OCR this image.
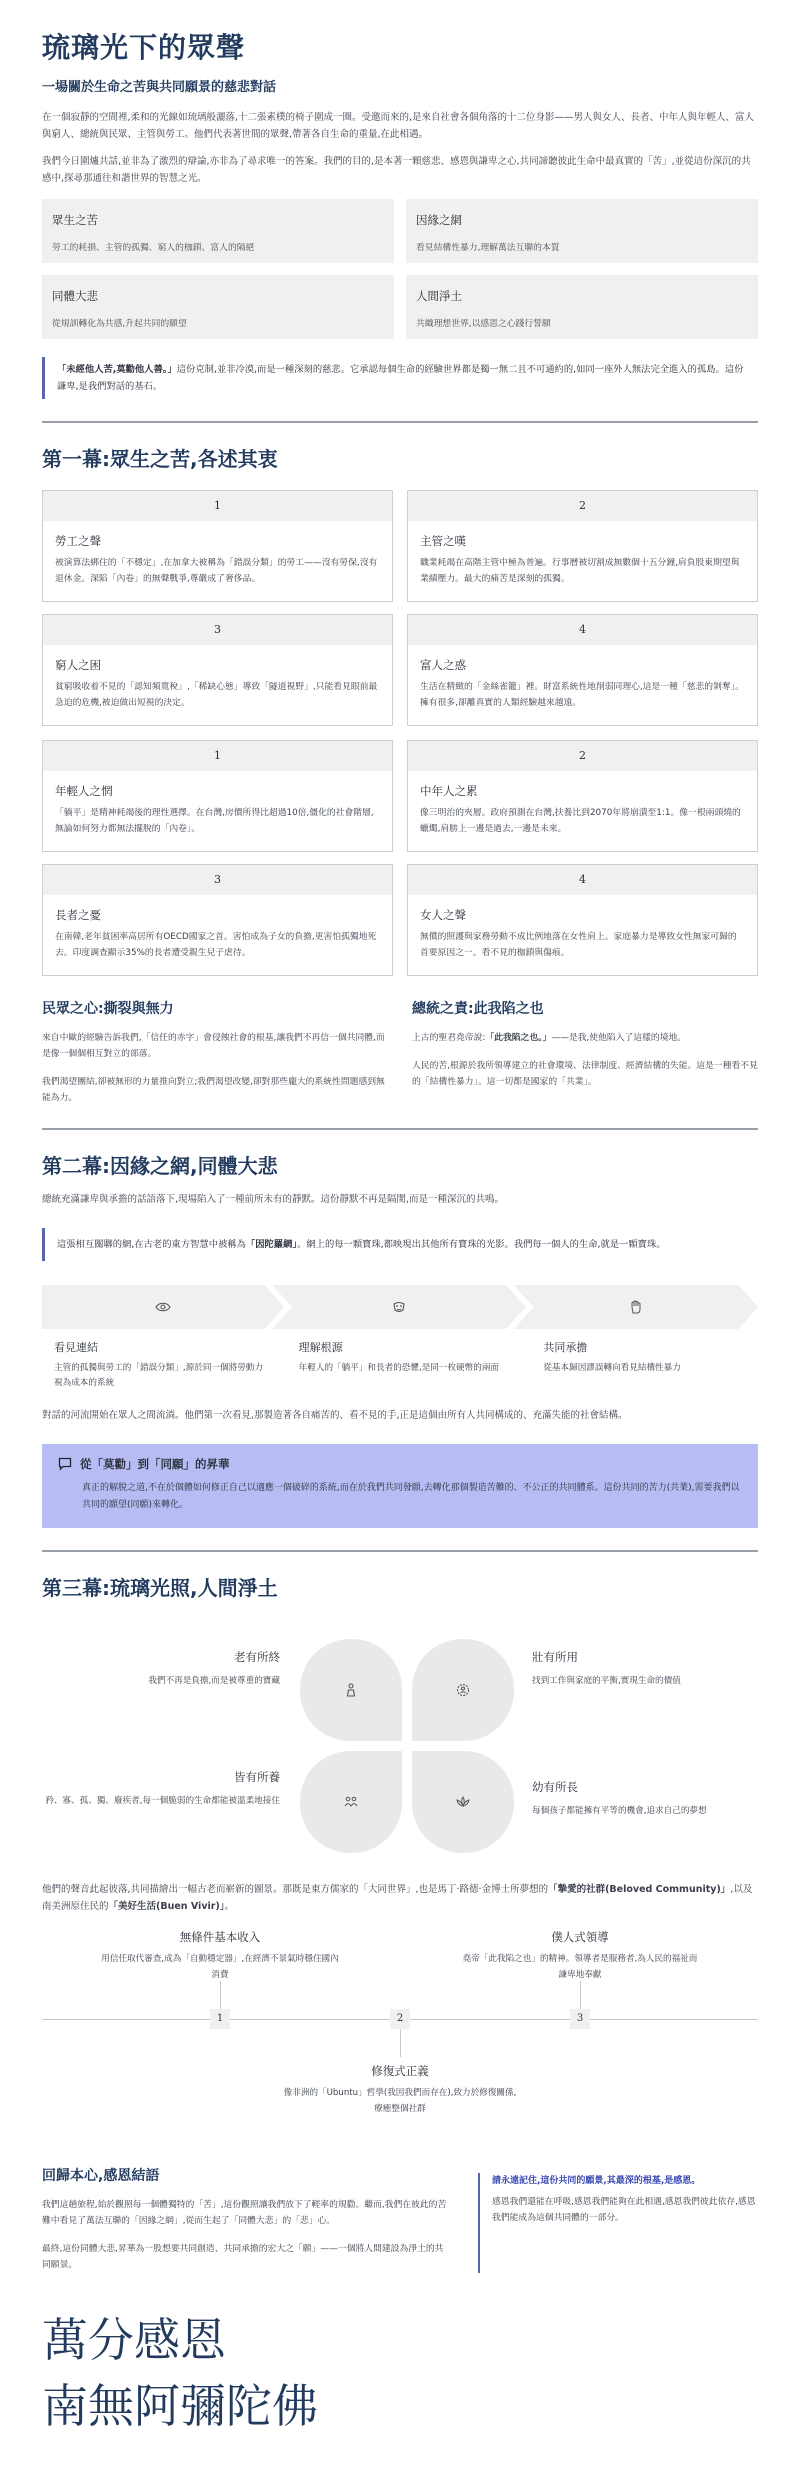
琉璃光下的眾聲
一場關於生命之苦與共同願景的慈悲對話

在一個寂靜的空間裡,柔和的光線如琉璃般灑落,十二張素樸的椅子圍成一圈。受邀而來的,是來自社會各個角落的十二位身影——男人與女人、長者、中年人與年輕人、富人與窮人、總統與民眾、主管與勞工。他們代表著世間的眾聲,帶著各自生命的重量,在此相遇。

我們今日圍爐共話,並非為了激烈的辯論,亦非為了尋求唯一的答案。我們的目的,是本著一顆慈悲、感恩與謙卑之心,共同諦聽彼此生命中最真實的「苦」,並從這份深沉的共感中,探尋那通往和諧世界的智慧之光。

眾生之苦
勞工的耗損、主管的孤獨、窮人的枷鎖、富人的隔絕
因緣之網
看見結構性暴力,理解萬法互聯的本質
同體大悲
從規訓轉化為共感,升起共同的願望
人間淨土
共織理想世界,以感恩之心踐行誓願
「未經他人苦,莫勸他人善。」這份克制,並非冷漠,而是一種深刻的慈悲。它承認每個生命的經驗世界都是獨一無二且不可通約的,如同一座外人無法完全進入的孤島。這份謙卑,是我們對話的基石。
第一幕:眾生之苦,各述其衷
1
勞工之聲
被演算法綁住的「不穩定」,在加拿大被稱為「錯誤分類」的勞工——沒有勞保,沒有退休金。深陷「內卷」的無聲戰爭,尊嚴成了奢侈品。
2
主管之嘆
職業耗竭在高階主管中極為普遍。行事曆被切割成無數個十五分鐘,肩負股東期望與業績壓力。最大的痛苦是深刻的孤獨。
3
窮人之困
貧窮吸收着不見的「認知頻寬稅」,「稀缺心態」導致「隧道視野」,只能看見眼前最急迫的危機,被迫做出短視的決定。
4
富人之惑
生活在精緻的「金絲雀籠」裡。財富系統性地削弱同理心,這是一種「慈悲的剝奪」。擁有很多,卻離真實的人類經驗越來越遠。
1
年輕人之惘
「躺平」是精神耗竭後的理性選擇。在台灣,房價所得比超過10倍,僵化的社會階層,無論如何努力都無法擺脫的「內卷」。
2
中年人之累
像三明治的夾層。政府預測在台灣,扶養比到2070年將崩潰至1:1。像一根兩頭燒的蠟燭,肩膀上一邊是過去,一邊是未來。
3
長者之憂
在南韓,老年貧困率高居所有OECD國家之首。害怕成為子女的負擔,更害怕孤獨地死去。印度調查顯示35%的長者遭受親生兒子虐待。
4
女人之聲
無償的照護與家務勞動不成比例地落在女性肩上。家庭暴力是導致女性無家可歸的首要原因之一。看不見的枷鎖與傷痕。
民眾之心:撕裂與無力
來自中歐的經驗告訴我們,「信任的赤字」會侵蝕社會的根基,讓我們不再信一個共同體,而是像一個個相互對立的部落。
我們渴望團結,卻被無形的力量推向對立;我們渴望改變,卻對那些龐大的系統性問題感到無能為力。
總統之責:此我陷之也
上古的聖君堯帝說:「此我陷之也。」——是我,使他陷入了這樣的境地。
人民的苦,根源於我所領導建立的社會環境、法律制度、經濟結構的失能。這是一種看不見的「結構性暴力」。這一切都是國家的「共業」。
第二幕:因緣之網,同體大悲

總統充滿謙卑與承擔的話語落下,現場陷入了一種前所未有的靜默。這份靜默不再是隔閡,而是一種深沉的共鳴。

這張相互關聯的網,在古老的東方智慧中被稱為「因陀羅網」。網上的每一顆寶珠,都映現出其他所有寶珠的光影。我們每一個人的生命,就是一顆寶珠。
看見連結
主管的孤獨與勞工的「錯誤分類」,源於同一個將勞動力視為成本的系統
理解根源
年輕人的「躺平」和長者的恐懼,是同一枚硬幣的兩面
共同承擔
從基本歸因謬誤轉向看見結構性暴力

對話的河流開始在眾人之間流淌。他們第一次看見,那製造著各自痛苦的、看不見的手,正是這個由所有人共同構成的、充滿失能的社會結構。

從「莫勸」到「同願」的昇華
真正的解脫之道,不在於個體如何修正自己以適應一個破碎的系統,而在於我們共同發願,去轉化那個製造苦難的、不公正的共同體系。這份共同的苦力(共業),需要我們以共同的願望(同願)來轉化。
第三幕:琉璃光照,人間淨土
老有所終
我們不再是負擔,而是被尊重的寶藏
壯有所用
找到工作與家庭的平衡,實現生命的價值
皆有所養
矜、寡、孤、獨、廢疾者,每一個脆弱的生命都能被溫柔地接住
幼有所長
每個孩子都能擁有平等的機會,追求自己的夢想

他們的聲音此起彼落,共同描繪出一幅古老而嶄新的圖景。那既是東方儒家的「大同世界」,也是馬丁·路德·金博士所夢想的「摯愛的社群(Beloved Community)」,以及南美洲原住民的「美好生活(Buen Vivir)」。

無條件基本收入
用信任取代審查,成為「自動穩定器」,在經濟不景氣時穩住國內消費
1	2
修復式正義
像非洲的「Ubuntu」哲學(我因我們而存在),致力於修復關係,療癒整個社群
僕人式領導
堯帝「此我陷之也」的精神。領導者是服務者,為人民的福祉而謙卑地奉獻
3
回歸本心,感恩結語
我們這趟旅程,始於觀照每一個體獨特的「苦」,這份觀照讓我們放下了輕率的規勸。繼而,我們在彼此的苦難中看見了萬法互聯的「因緣之網」,從而生起了「同體大悲」的「悲」心。
最終,這份同體大悲,昇華為一股想要共同創造、共同承擔的宏大之「願」——一個將人間建設為淨土的共同願景。
請永遠記住,這份共同的願景,其最深的根基,是感恩。
感恩我們還能在呼吸,感恩我們能夠在此相遇,感恩我們彼此依存,感恩我們能成為這個共同體的一部分。
萬分感恩
南無阿彌陀佛
